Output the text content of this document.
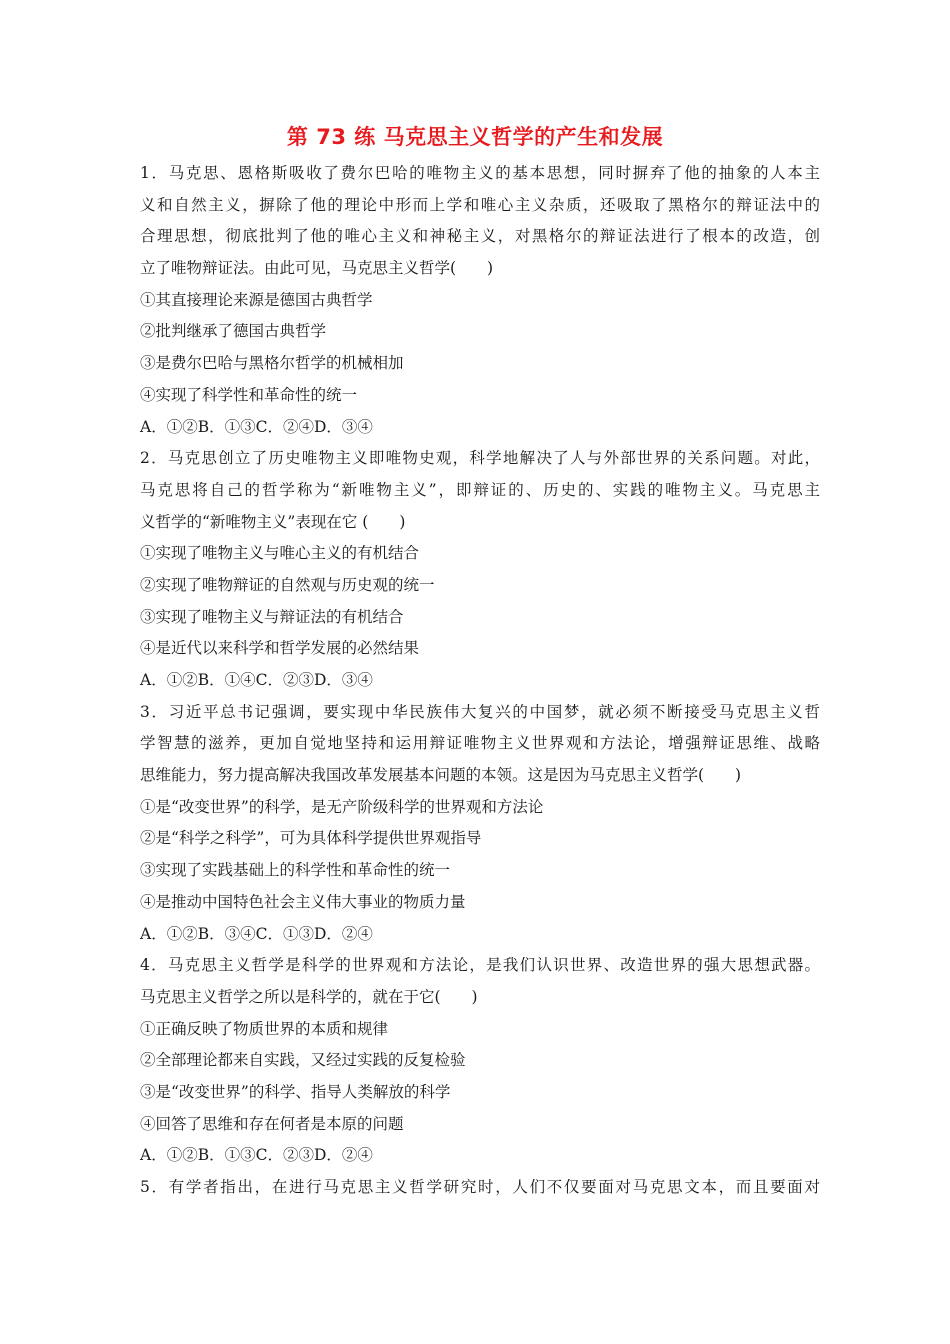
第 73 练 马克思主义哲学的产生和发展
1．马克思、恩格斯吸收了费尔巴哈的唯物主义的基本思想，同时摒弃了他的抽象的人本主
义和自然主义，摒除了他的理论中形而上学和唯心主义杂质，还吸取了黑格尔的辩证法中的
合理思想，彻底批判了他的唯心主义和神秘主义，对黑格尔的辩证法进行了根本的改造，创
立了唯物辩证法。由此可见，马克思主义哲学(　　)
①其直接理论来源是德国古典哲学
②批判继承了德国古典哲学
③是费尔巴哈与黑格尔哲学的机械相加
④实现了科学性和革命性的统一
A．①②B．①③C．②④D．③④
2．马克思创立了历史唯物主义即唯物史观，科学地解决了人与外部世界的关系问题。对此，
马克思将自己的哲学称为“新唯物主义”，即辩证的、历史的、实践的唯物主义。马克思主
义哲学的“新唯物主义”表现在它 (　　)
①实现了唯物主义与唯心主义的有机结合
②实现了唯物辩证的自然观与历史观的统一
③实现了唯物主义与辩证法的有机结合
④是近代以来科学和哲学发展的必然结果
A．①②B．①④C．②③D．③④
3．习近平总书记强调，要实现中华民族伟大复兴的中国梦，就必须不断接受马克思主义哲
学智慧的滋养，更加自觉地坚持和运用辩证唯物主义世界观和方法论，增强辩证思维、战略
思维能力，努力提高解决我国改革发展基本问题的本领。这是因为马克思主义哲学(　　)
①是“改变世界”的科学，是无产阶级科学的世界观和方法论
②是“科学之科学”，可为具体科学提供世界观指导
③实现了实践基础上的科学性和革命性的统一
④是推动中国特色社会主义伟大事业的物质力量
A．①②B．③④C．①③D．②④
4．马克思主义哲学是科学的世界观和方法论，是我们认识世界、改造世界的强大思想武器。
马克思主义哲学之所以是科学的，就在于它(　　)
①正确反映了物质世界的本质和规律
②全部理论都来自实践，又经过实践的反复检验
③是“改变世界”的科学、指导人类解放的科学
④回答了思维和存在何者是本原的问题
A．①②B．①③C．②③D．②④
5．有学者指出，在进行马克思主义哲学研究时，人们不仅要面对马克思文本，而且要面对
